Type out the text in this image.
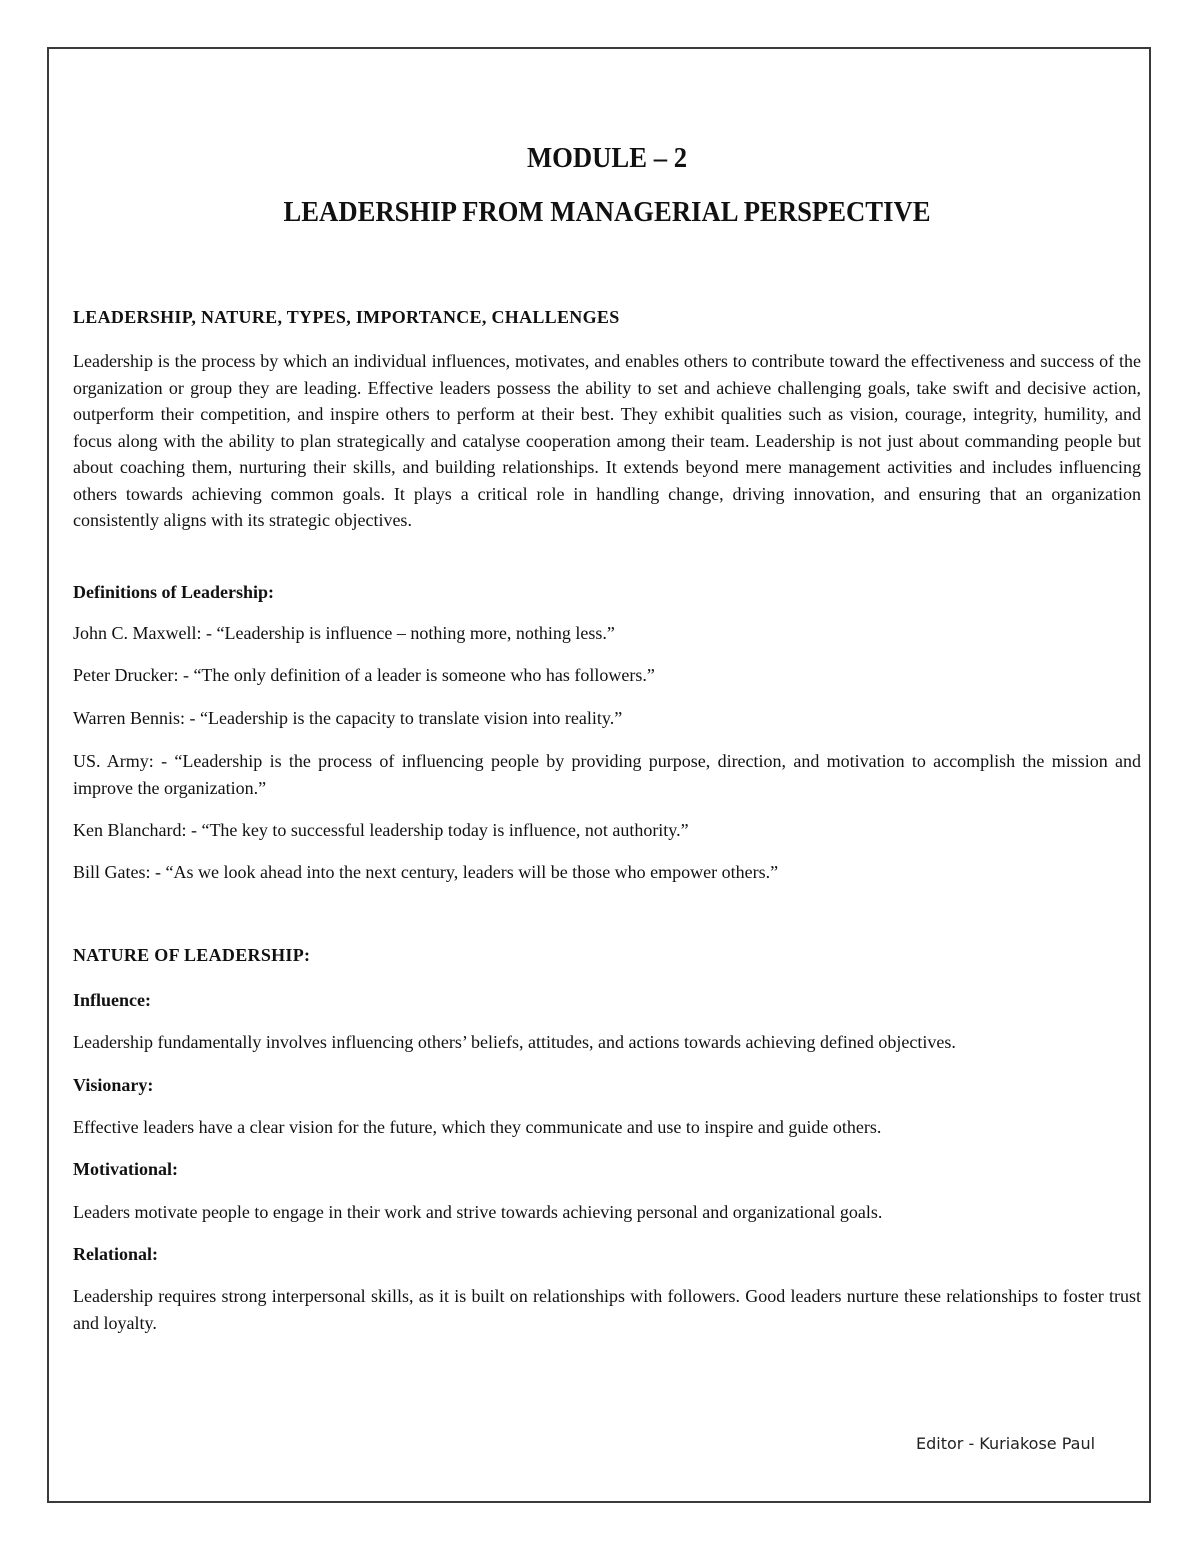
MODULE – 2
LEADERSHIP FROM MANAGERIAL PERSPECTIVE
LEADERSHIP, NATURE, TYPES, IMPORTANCE, CHALLENGES
Leadership is the process by which an individual influences, motivates, and enables others to contribute toward the effectiveness and success of the organization or group they are leading. Effective leaders possess the ability to set and achieve challenging goals, take swift and decisive action, outperform their competition, and inspire others to perform at their best. They exhibit qualities such as vision, courage, integrity, humility, and focus along with the ability to plan strategically and catalyse cooperation among their team. Leadership is not just about commanding people but about coaching them, nurturing their skills, and building relationships. It extends beyond mere management activities and includes influencing others towards achieving common goals. It plays a critical role in handling change, driving innovation, and ensuring that an organization consistently aligns with its strategic objectives.
Definitions of Leadership:
John C. Maxwell: - “Leadership is influence – nothing more, nothing less.”
Peter Drucker: - “The only definition of a leader is someone who has followers.”
Warren Bennis: - “Leadership is the capacity to translate vision into reality.”
US. Army: - “Leadership is the process of influencing people by providing purpose, direction, and motivation to accomplish the mission and improve the organization.”
Ken Blanchard: - “The key to successful leadership today is influence, not authority.”
Bill Gates: - “As we look ahead into the next century, leaders will be those who empower others.”
NATURE OF LEADERSHIP:
Influence:
Leadership fundamentally involves influencing others’ beliefs, attitudes, and actions towards achieving defined objectives.
Visionary:
Effective leaders have a clear vision for the future, which they communicate and use to inspire and guide others.
Motivational:
Leaders motivate people to engage in their work and strive towards achieving personal and organizational goals.
Relational:
Leadership requires strong interpersonal skills, as it is built on relationships with followers. Good leaders nurture these relationships to foster trust and loyalty.
Editor - Kuriakose Paul
